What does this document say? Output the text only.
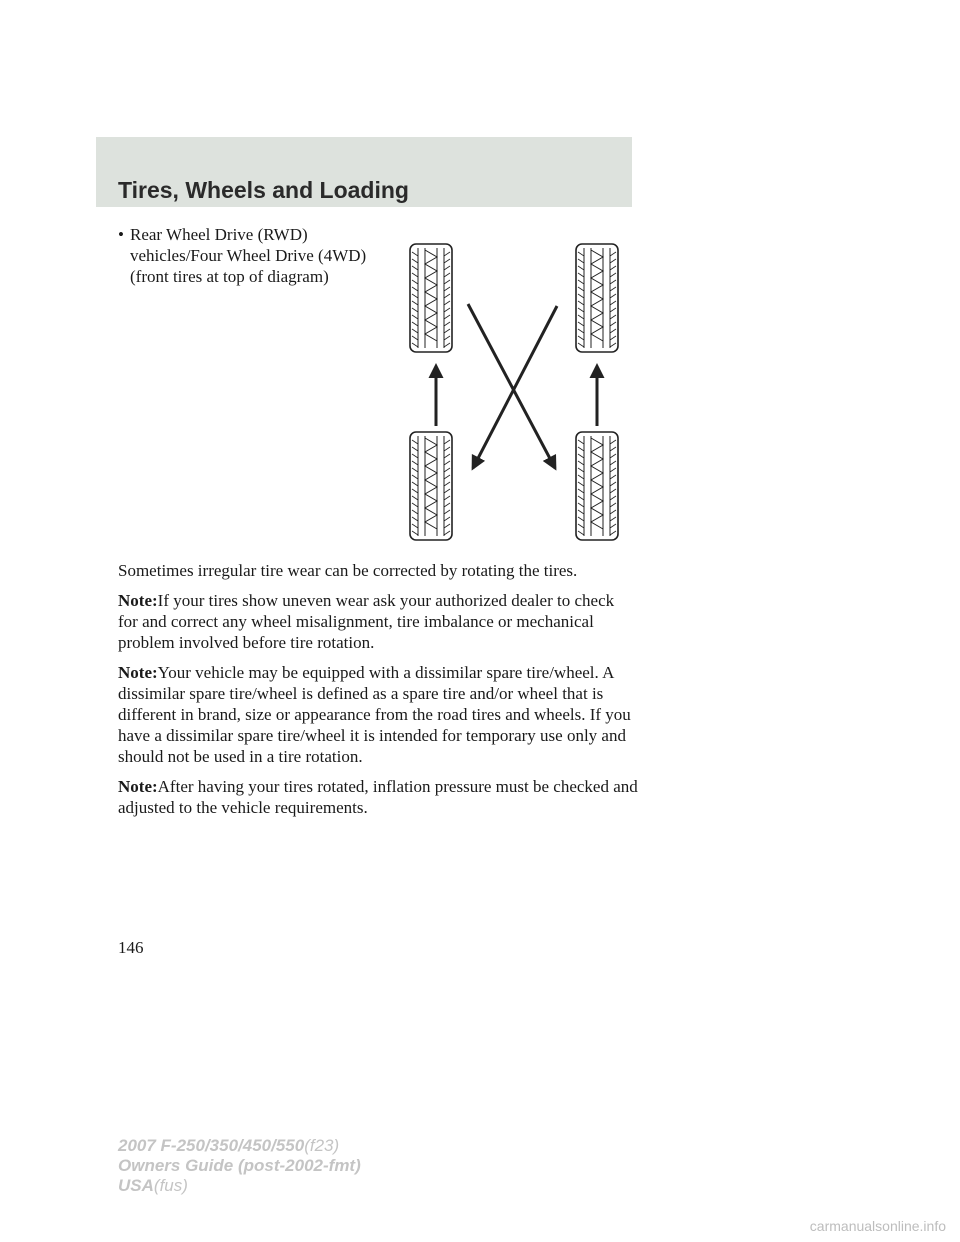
Tires, Wheels and Loading
• Rear Wheel Drive (RWD)
vehicles/Four Wheel Drive (4WD)
(front tires at top of diagram)

Sometimes irregular tire wear can be corrected by rotating the tires.

Note:If your tires show uneven wear ask your authorized dealer to check for and correct any wheel misalignment, tire imbalance or mechanical problem involved before tire rotation.

Note:Your vehicle may be equipped with a dissimilar spare tire/wheel. A dissimilar spare tire/wheel is defined as a spare tire and/or wheel that is different in brand, size or appearance from the road tires and wheels. If you have a dissimilar spare tire/wheel it is intended for temporary use only and should not be used in a tire rotation.

Note:After having your tires rotated, inflation pressure must be checked and adjusted to the vehicle requirements.

146
2007 F-250/350/450/550(f23)
Owners Guide (post-2002-fmt)
USA(fus)
carmanualsonline.info
